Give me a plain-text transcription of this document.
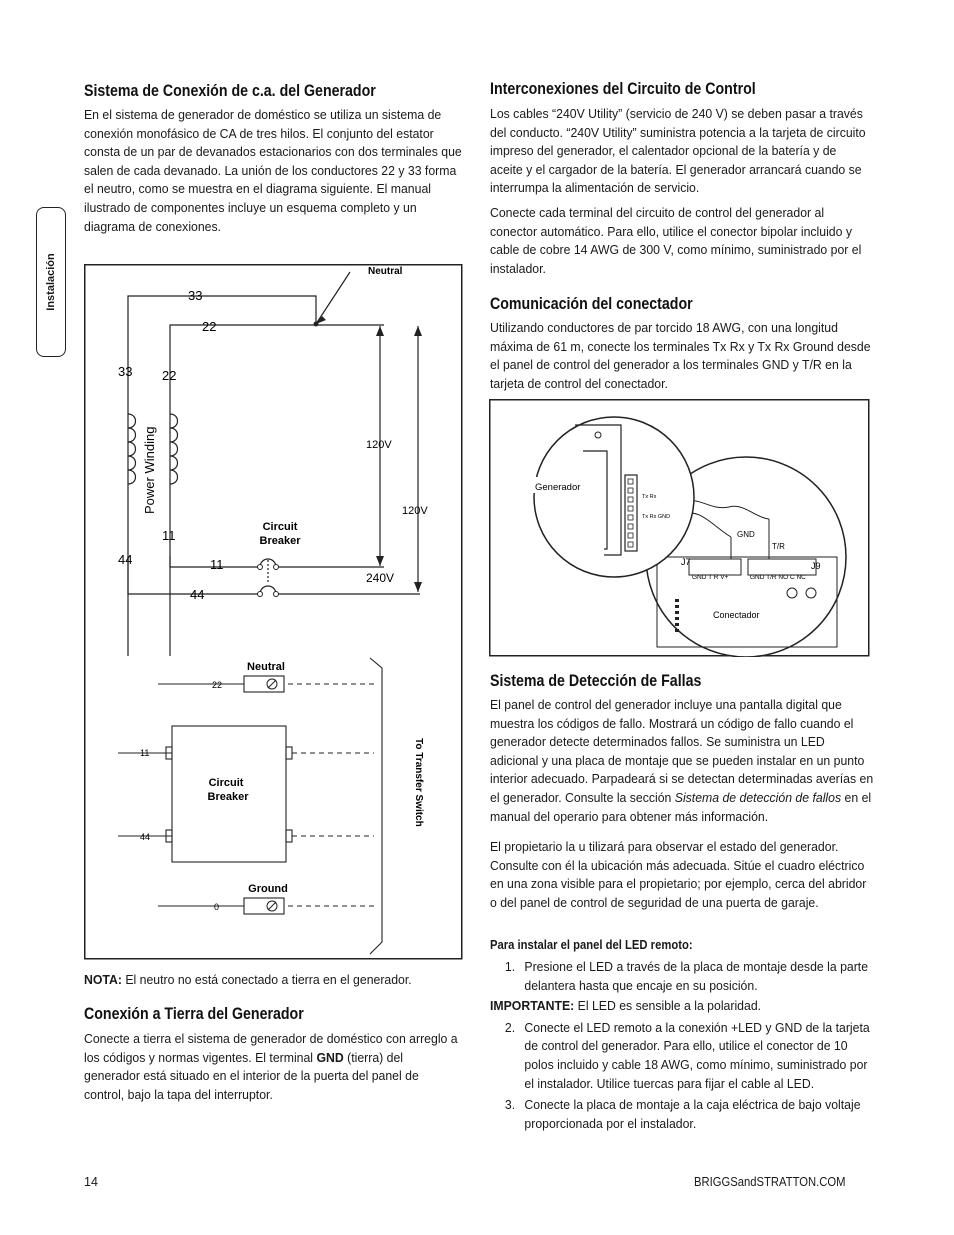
Instalación
Sistema de Conexión de c.a. del Generador

En el sistema de generador de doméstico se utiliza un sistema de conexión monofásico de CA de tres hilos. El conjunto del estator consta de un par de devanados estacionarios con dos terminales que salen de cada devanado. La unión de los conductores 22 y 33 forma el neutro, como se muestra en el diagrama siguiente. El manual ilustrado de componentes incluye un esquema completo y un diagrama de conexiones.

Neutral
33
22
33 22
11
44	11
44
Power Winding
Circuit
Breaker
120V
120V
240V
Neutral
22
11
44
Circuit
Breaker
Ground
0
To Transfer Switch

NOTA: El neutro no está conectado a tierra en el generador.

Conexión a Tierra del Generador

Conecte a tierra el sistema de generador de doméstico con arreglo a los códigos y normas vigentes. El terminal GND (tierra) del generador está situado en el interior de la puerta del panel de control, bajo la tapa del interruptor.

Interconexiones del Circuito de Control

Los cables “240V Utility” (servicio de 240 V) se deben pasar a través del conducto. “240V Utility” suministra potencia a la tarjeta de circuito impreso del generador, el calentador opcional de la batería y de aceite y el cargador de la batería. El generador arrancará cuando se interrumpa la alimentación de servicio.

Conecte cada terminal del circuito de control del generador al conector automático. Para ello, utilice el conector bipolar incluido y cable de cobre 14 AWG de 300 V, como mínimo, suministrado por el instalador.

Comunicación del conectador

Utilizando conductores de par torcido 18 AWG, con una longitud máxima de 61 m, conecte los terminales Tx Rx y Tx Rx Ground desde el panel de control del generador a los terminales GND y T/R en la tarjeta de control del conectador.

J7	J9
GND T R V+	GND T/R NO C NC
GND
T/R
Conectador
Generador
Tx Rx
Tx Rx GND
Sistema de Detección de Fallas

El panel de control del generador incluye una pantalla digital que muestra los códigos de fallo. Mostrará un código de fallo cuando el generador detecte determinados fallos. Se suministra un LED adicional y una placa de montaje que se pueden instalar en un punto interior adecuado. Parpadeará si se detectan determinadas averías en el generador. Consulte la sección Sistema de detección de fallos en el manual del operario para obtener más información.

El propietario la u tilizará para observar el estado del generador. Consulte con él la ubicación más adecuada. Sitúe el cuadro eléctrico en una zona visible para el propietario; por ejemplo, cerca del abridor o del panel de control de seguridad de una puerta de garaje.

Para instalar el panel del LED remoto:

1. Presione el LED a través de la placa de montaje desde la parte delantera hasta que encaje en su posición.
IMPORTANTE: El LED es sensible a la polaridad.
2. Conecte el LED remoto a la conexión +LED y GND de la tarjeta de control del generador. Para ello, utilice el conector de 10 polos incluido y cable 18 AWG, como mínimo, suministrado por el instalador. Utilice tuercas para fijar el cable al LED.
3. Conecte la placa de montaje a la caja eléctrica de bajo voltaje proporcionada por el instalador.
14	BRIGGSandSTRATTON.COM
